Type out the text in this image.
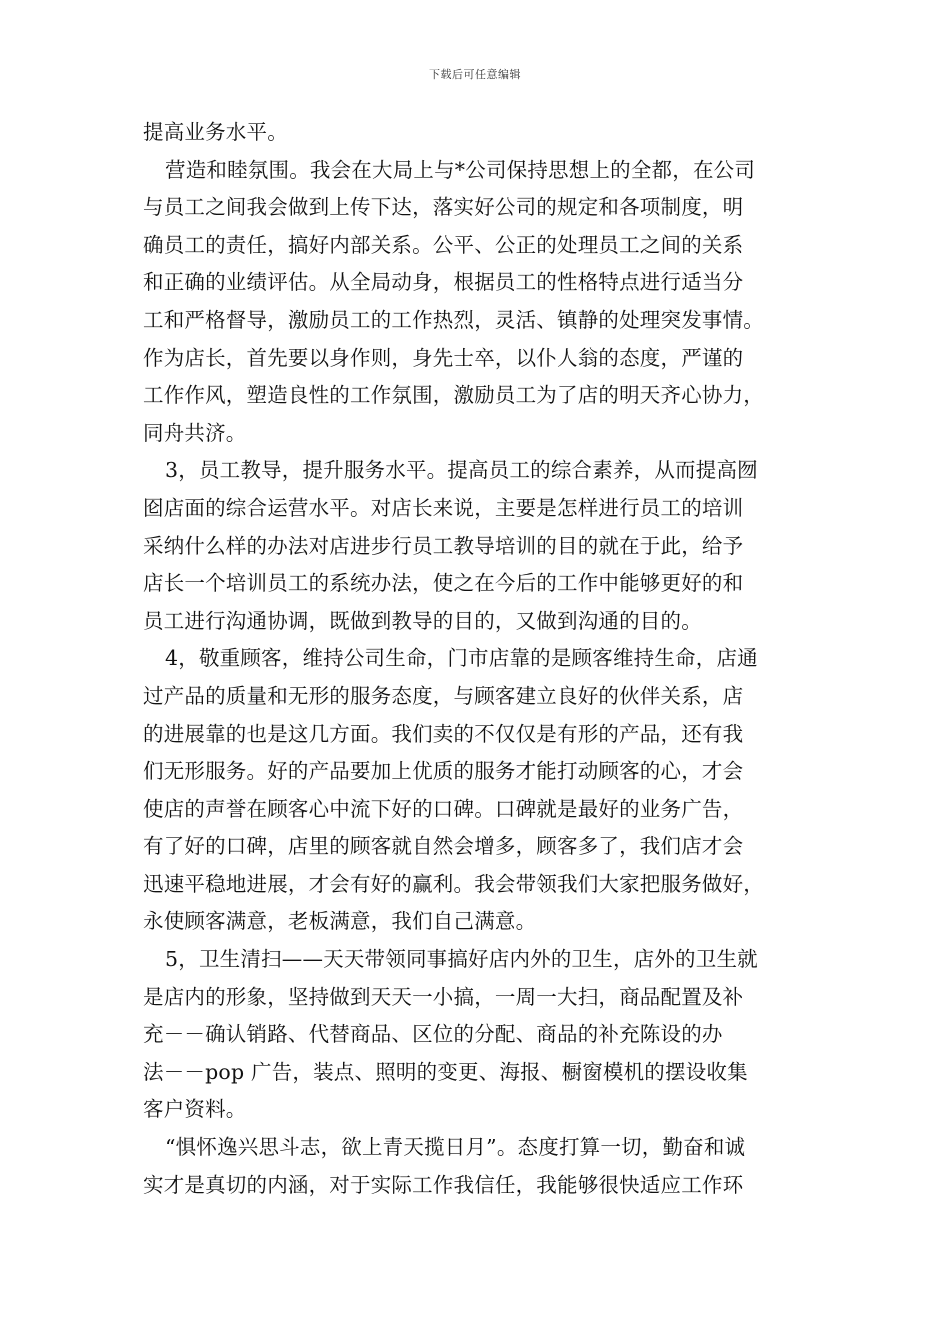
下载后可任意编辑
提高业务水平。
营造和睦氛围。我会在大局上与*公司保持思想上的全都，在公司
与员工之间我会做到上传下达，落实好公司的规定和各项制度，明
确员工的责任，搞好内部关系。公平、公正的处理员工之间的关系
和正确的业绩评估。从全局动身，根据员工的性格特点进行适当分
工和严格督导，激励员工的工作热烈，灵活、镇静的处理突发事情。
作为店长，首先要以身作则，身先士卒，以仆人翁的态度，严谨的
工作作风，塑造良性的工作氛围，激励员工为了店的明天齐心协力，
同舟共济。
3，员工教导，提升服务水平。提高员工的综合素养，从而提高囫
囵店面的综合运营水平。对店长来说，主要是怎样进行员工的培训
采纳什么样的办法对店进步行员工教导培训的目的就在于此，给予
店长一个培训员工的系统办法，使之在今后的工作中能够更好的和
员工进行沟通协调，既做到教导的目的，又做到沟通的目的。
4，敬重顾客，维持公司生命，门市店靠的是顾客维持生命，店通
过产品的质量和无形的服务态度，与顾客建立良好的伙伴关系，店
的进展靠的也是这几方面。我们卖的不仅仅是有形的产品，还有我
们无形服务。好的产品要加上优质的服务才能打动顾客的心，才会
使店的声誉在顾客心中流下好的口碑。口碑就是最好的业务广告，
有了好的口碑，店里的顾客就自然会增多，顾客多了，我们店才会
迅速平稳地进展，才会有好的赢利。我会带领我们大家把服务做好，
永使顾客满意，老板满意，我们自己满意。
5，卫生清扫——天天带领同事搞好店内外的卫生，店外的卫生就
是店内的形象，坚持做到天天一小搞，一周一大扫，商品配置及补
充－－确认销路、代替商品、区位的分配、商品的补充陈设的办
法－－pop 广告，装点、照明的变更、海报、橱窗模机的摆设收集
客户资料。
“惧怀逸兴思斗志，欲上青天揽日月”。态度打算一切，勤奋和诚
实才是真切的内涵，对于实际工作我信任，我能够很快适应工作环
